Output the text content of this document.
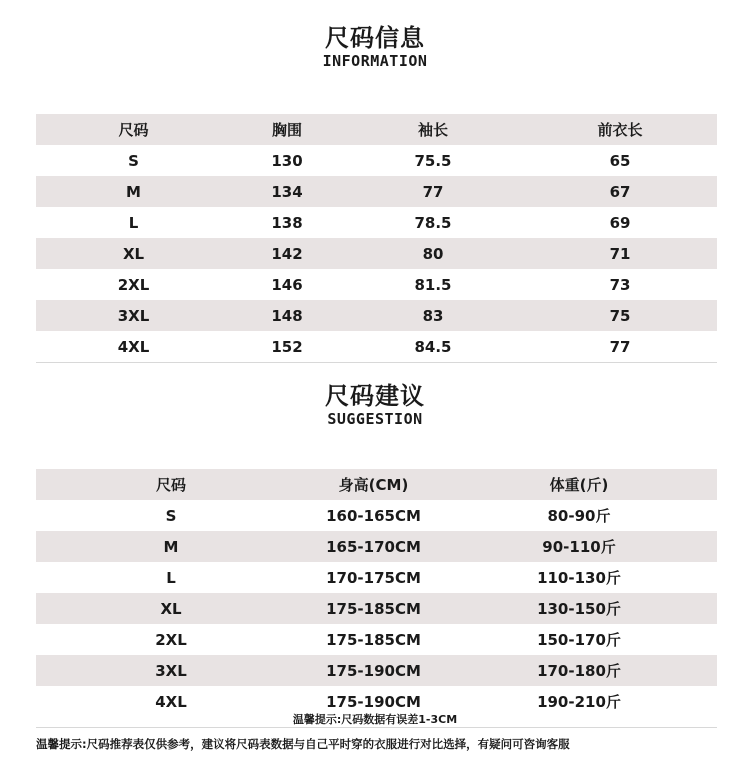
尺码信息
INFORMATION
尺码	胸围	袖长	前衣长
S	130	75.5	65
M	134	77	67
L	138	78.5	69
XL	142	80	71
2XL	146	81.5	73
3XL	148	83	75
4XL	152	84.5	77
尺码建议
SUGGESTION
尺码	身高(CM)	体重(斤)
S	160-165CM	80-90斤
M	165-170CM	90-110斤
L	170-175CM	110-130斤
XL	175-185CM	130-150斤
2XL	175-185CM	150-170斤
3XL	175-190CM	170-180斤
4XL	175-190CM	190-210斤
温馨提示:尺码数据有误差1-3CM
温馨提示:尺码推荐表仅供参考，建议将尺码表数据与自己平时穿的衣服进行对比选择，有疑问可咨询客服
